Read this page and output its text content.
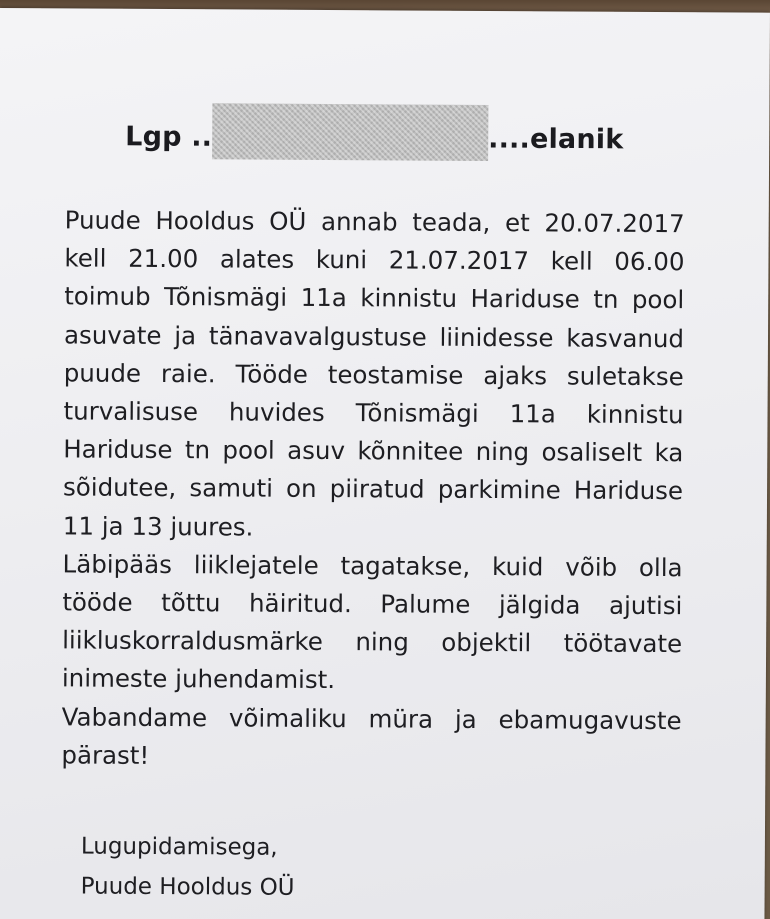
Lgp ..	....elanik

Puude Hooldus OÜ annab teada, et 20.07.2017 kell 21.00 alates kuni 21.07.2017 kell 06.00 toimub Tõnismägi 11a kinnistu Hariduse tn pool asuvate ja tänavavalgustuse liinidesse kasvanud puude raie. Tööde teostamise ajaks suletakse turvalisuse huvides Tõnismägi 11a kinnistu Hariduse tn pool asuv kõnnitee ning osaliselt ka sõidutee, samuti on piiratud parkimine Hariduse 11 ja 13 juures.

Läbipääs liiklejatele tagatakse, kuid võib olla tööde tõttu häiritud. Palume jälgida ajutisi liikluskorraldusmärke ning objektil töötavate inimeste juhendamist.

Vabandame võimaliku müra ja ebamugavuste pärast!

Lugupidamisega,
Puude Hooldus OÜ
